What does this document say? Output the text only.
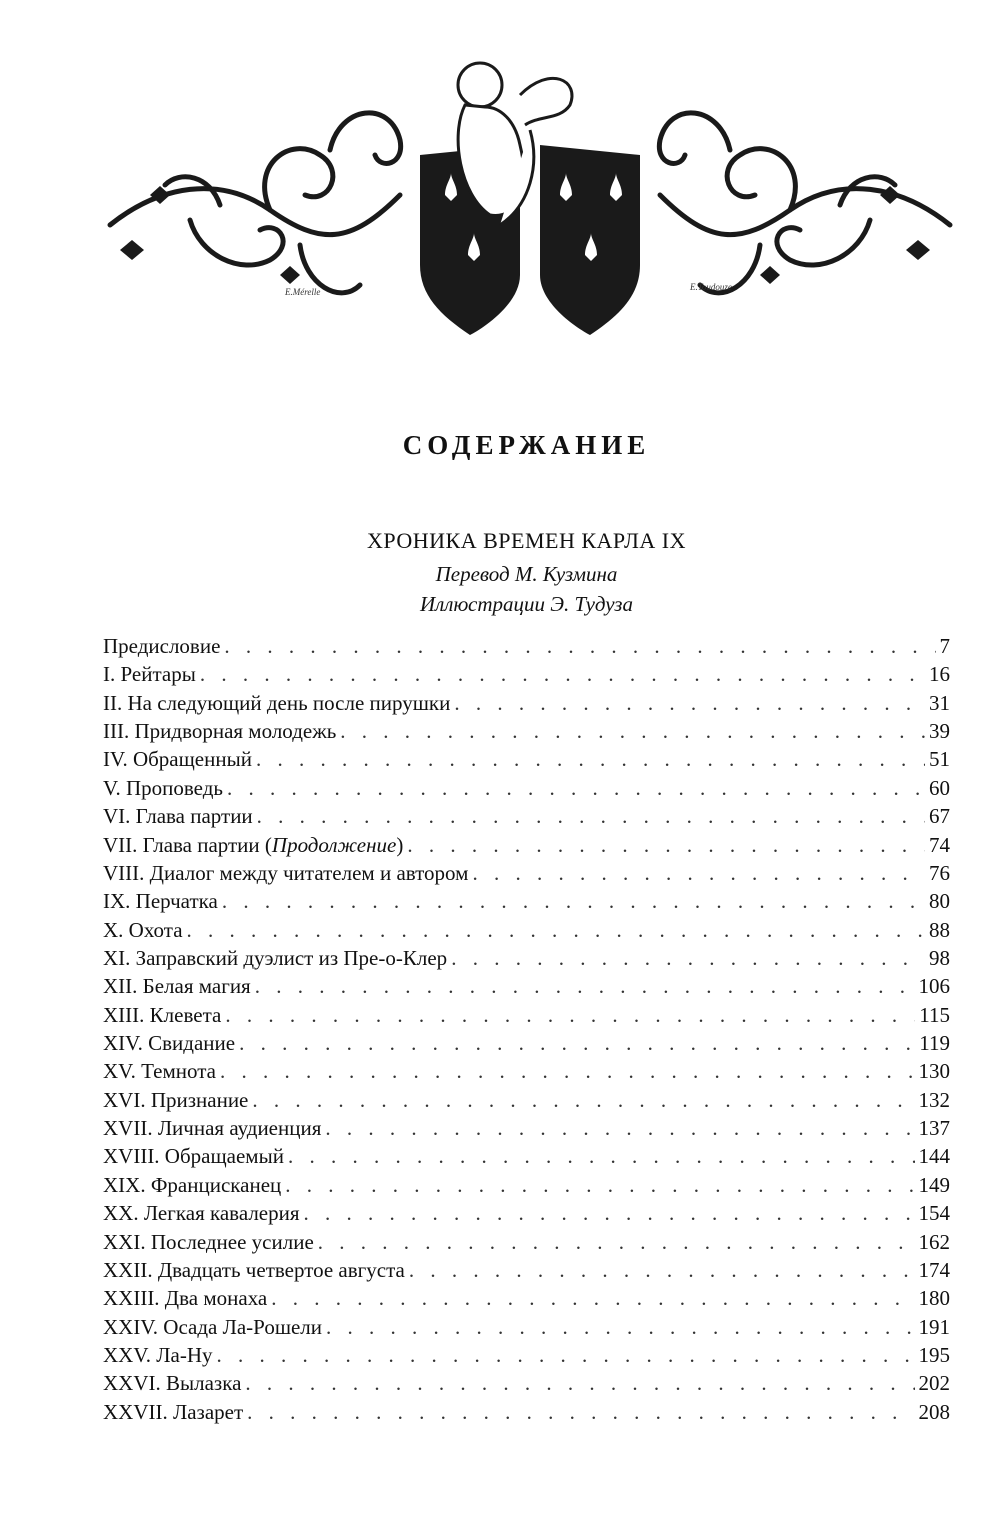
E.Mérelle	E.Toudouze
СОДЕРЖАНИЕ
ХРОНИКА ВРЕМЕН КАРЛА IX
Перевод М. Кузмина
Иллюстрации Э. Тудуза
Предисловие . . .	7
I. Рейтары . . .	16
II. На следующий день после пирушки . . .	31
III. Придворная молодежь . . .	39
IV. Обращенный . . .	51
V. Проповедь . . .	60
VI. Глава партии . . .	67
VII. Глава партии (Продолжение) . . .	74
VIII. Диалог между читателем и автором . . .	76
IX. Перчатка . . .	80
X. Охота . . .	88
XI. Заправский дуэлист из Пре-о-Клер . . .	98
XII. Белая магия . . .	106
XIII. Клевета . . .	115
XIV. Свидание . . .	119
XV. Темнота . . .	130
XVI. Признание . . .	132
XVII. Личная аудиенция . . .	137
XVIII. Обращаемый . . .	144
XIX. Францисканец . . .	149
XX. Легкая кавалерия . . .	154
XXI. Последнее усилие . . .	162
XXII. Двадцать четвертое августа . . .	174
XXIII. Два монаха . . .	180
XXIV. Осада Ла-Рошели . . .	191
XXV. Ла-Ну . . .	195
XXVI. Вылазка . . .	202
XXVII. Лазарет . . .	208
